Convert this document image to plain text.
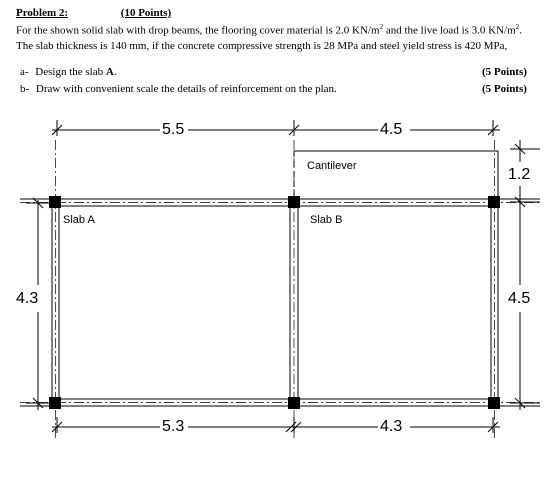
Problem 2:	(10 Points)
For the shown solid slab with drop beams, the flooring cover material is 2.0 $KN/m^2$ and the live load is 3.0 $KN/m^2$.
The slab thickness is 140 mm, if the concrete compressive strength is 28 MPa and steel yield stress is 420 MPa,
a- Design the slab A.	(5 Points)
b- Draw with convenient scale the details of reinforcement on the plan.	(5 Points)
5.5	4.5
5.3	4.3
4.3
1.2
4.5
Cantilever
Slab A	Slab B
